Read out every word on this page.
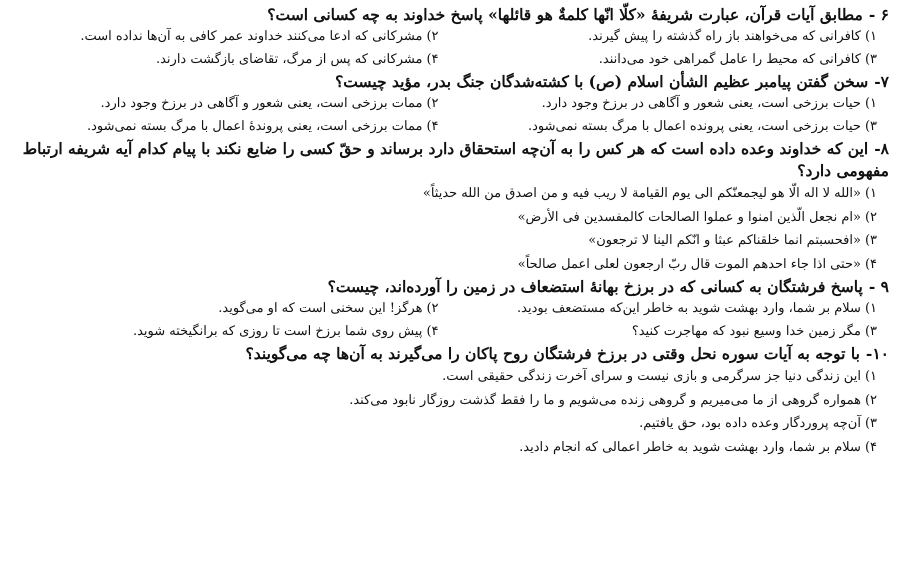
۶ -مطابق آیات قرآن، عبارت شریفهٔ «کلّا انّها کلمةٌ هو قائلها» پاسخ خداوند به چه کسانی است؟

۱)کافرانی که می‌خواهند باز راه گذشته را پیش گیرند.
۲)مشرکانی که ادعا می‌کنند خداوند عمر کافی به آن‌ها نداده است.
۳)کافرانی که محیط را عامل گمراهی خود می‌دانند.
۴)مشرکانی که پس از مرگ، تقاضای بازگشت دارند.

۷-سخن گفتن پیامبر عظیم الشأن اسلام (ص) با کشته‌شدگان جنگ بدر، مؤید چیست؟

۱)حیات برزخی است، یعنی شعور و آگاهی در برزخ وجود دارد.
۲)ممات برزخی است، یعنی شعور و آگاهی در برزخ وجود دارد.
۳)حیات برزخی است، یعنی پرونده اعمال با مرگ بسته نمی‌شود.
۴)ممات برزخی است، یعنی پروندهٔ اعمال با مرگ بسته نمی‌شود.

۸-این که خداوند وعده داده است که هر کس را به آن‌چه استحقاق دارد برساند و حقّ کسی را ضایع نکند با پیام کدام آیه شریفه ارتباط مفهومی دارد؟

۱)«الله لا اله الّا هو لیجمعنّکم الی یوم القیامة لا ریب فیه و من اصدق من الله حدیثاً»
۲)«ام نجعل الّذین امنوا و عملوا الصالحات کالمفسدین فی الأرض»
۳)«افحسبتم انما خلقناکم عبثا و انّکم الینا لا ترجعون»
۴)«حتی اذا جاء احدهم الموت قال ربّ ارجعون لعلی اعمل صالحاً»

۹ -پاسخ فرشتگان به کسانی که در برزخ بهانهٔ استضعاف در زمین را آورده‌اند، چیست؟

۱)سلام بر شما، وارد بهشت شوید به خاطر این‌که مستضعف بودید.
۲)هرگز! این سخنی است که او می‌گوید.
۳)مگر زمین خدا وسیع نبود که مهاجرت کنید؟
۴)پیش روی شما برزخ است تا روزی که برانگیخته شوید.

۱۰-با توجه به آیات سوره نحل وقتی در برزخ فرشتگان روح پاکان را می‌گیرند به آن‌ها چه می‌گویند؟

۱)این زندگی دنیا جز سرگرمی و بازی نیست و سرای آخرت زندگی حقیقی است.
۲)همواره گروهی از ما می‌میریم و گروهی زنده می‌شویم و ما را فقط گذشت روزگار نابود می‌کند.
۳)آن‌چه پروردگار وعده داده بود، حق یافتیم.
۴)سلام بر شما، وارد بهشت شوید به خاطر اعمالی که انجام دادید.
